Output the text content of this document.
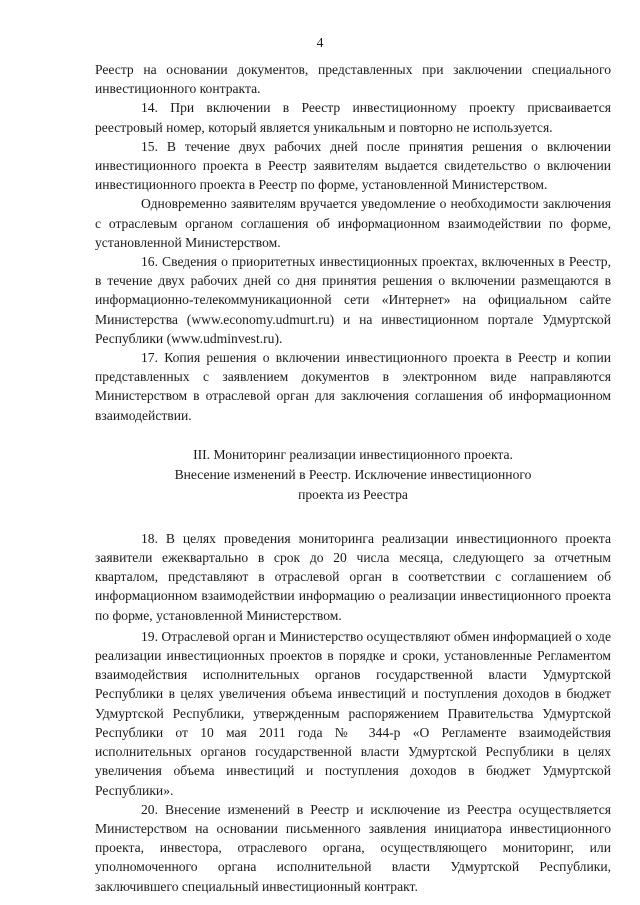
4

Реестр на основании документов, представленных при заключении специального инвестиционного контракта.

14. При включении в Реестр инвестиционному проекту присваивается реестровый номер, который является уникальным и повторно не используется.

15. В течение двух рабочих дней после принятия решения о включении инвестиционного проекта в Реестр заявителям выдается свидетельство о включении инвестиционного проекта в Реестр по форме, установленной Министерством.

Одновременно заявителям вручается уведомление о необходимости заключения с отраслевым органом соглашения об информационном взаимодействии по форме, установленной Министерством.

16. Сведения о приоритетных инвестиционных проектах, включенных в Реестр, в течение двух рабочих дней со дня принятия решения о включении размещаются в информационно-телекоммуникационной сети «Интернет» на официальном сайте Министерства (www.economy.udmurt.ru) и на инвестиционном портале Удмуртской Республики (www.udminvest.ru).

17. Копия решения о включении инвестиционного проекта в Реестр и копии представленных с заявлением документов в электронном виде направляются Министерством в отраслевой орган для заключения соглашения об информационном взаимодействии.

III. Мониторинг реализации инвестиционного проекта.
Внесение изменений в Реестр. Исключение инвестиционного
проекта из Реестра

18. В целях проведения мониторинга реализации инвестиционного проекта заявители ежеквартально в срок до 20 числа месяца, следующего за отчетным кварталом, представляют в отраслевой орган в соответствии с соглашением об информационном взаимодействии информацию о реализации инвестиционного проекта по форме, установленной Министерством.

19. Отраслевой орган и Министерство осуществляют обмен информацией о ходе реализации инвестиционных проектов в порядке и сроки, установленные Регламентом взаимодействия исполнительных органов государственной власти Удмуртской Республики в целях увеличения объема инвестиций и поступления доходов в бюджет Удмуртской Республики, утвержденным распоряжением Правительства Удмуртской Республики от 10 мая 2011 года № 344-р «О Регламенте взаимодействия исполнительных органов государственной власти Удмуртской Республики в целях увеличения объема инвестиций и поступления доходов в бюджет Удмуртской Республики».

20. Внесение изменений в Реестр и исключение из Реестра осуществляется Министерством на основании письменного заявления инициатора инвестиционного проекта, инвестора, отраслевого органа, осуществляющего мониторинг, или уполномоченного органа исполнительной власти Удмуртской Республики, заключившего специальный инвестиционный контракт.
